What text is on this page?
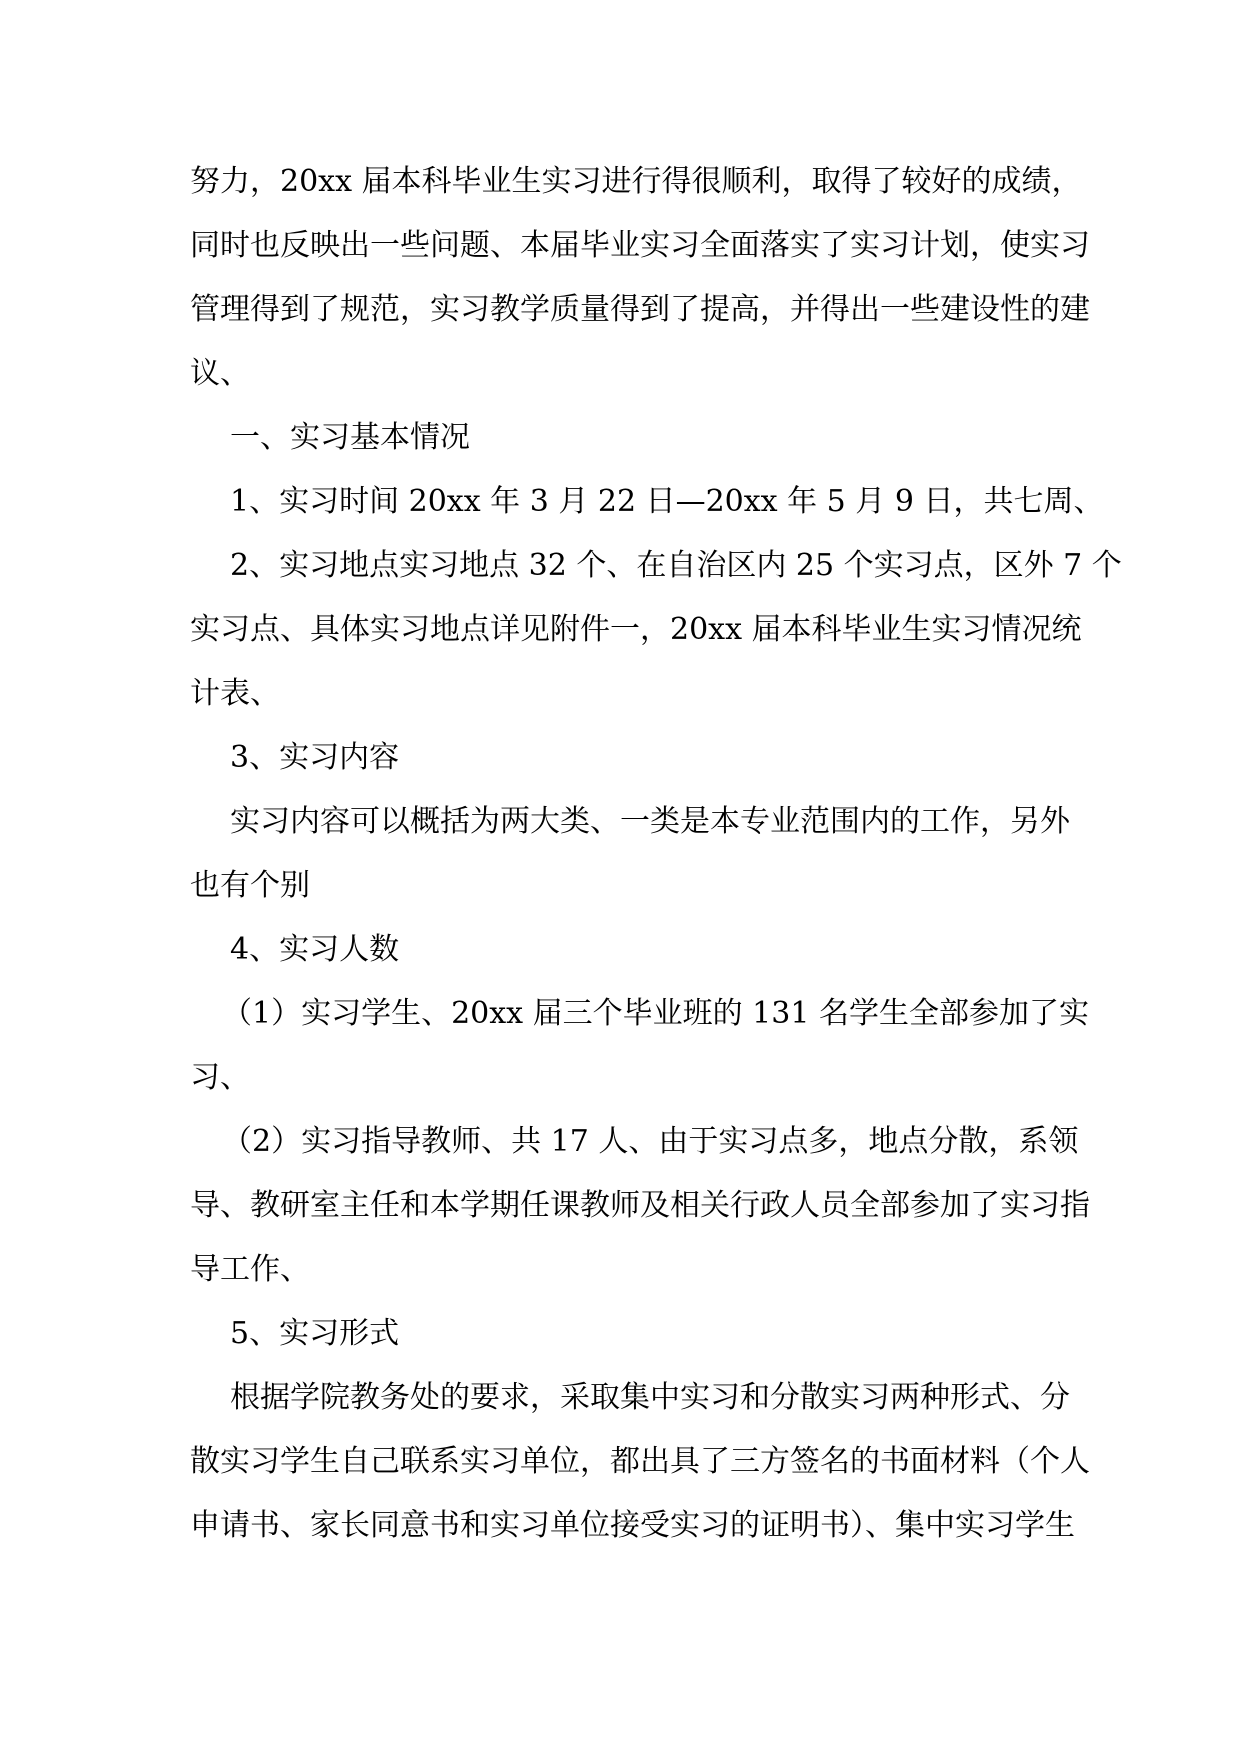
努力，20xx 届本科毕业生实习进行得很顺利，取得了较好的成绩，
同时也反映出一些问题、本届毕业实习全面落实了实习计划，使实习
管理得到了规范，实习教学质量得到了提高，并得出一些建设性的建
议、
一、实习基本情况
1、实习时间 20xx 年 3 月 22 日—20xx 年 5 月 9 日，共七周、
2、实习地点实习地点 32 个、在自治区内 25 个实习点，区外 7 个
实习点、具体实习地点详见附件一，20xx 届本科毕业生实习情况统
计表、
3、实习内容
实习内容可以概括为两大类、一类是本专业范围内的工作，另外
也有个别
4、实习人数
（1）实习学生、20xx 届三个毕业班的 131 名学生全部参加了实
习、
（2）实习指导教师、共 17 人、由于实习点多，地点分散，系领
导、教研室主任和本学期任课教师及相关行政人员全部参加了实习指
导工作、
5、实习形式
根据学院教务处的要求，采取集中实习和分散实习两种形式、分
散实习学生自己联系实习单位，都出具了三方签名的书面材料（个人
申请书、家长同意书和实习单位接受实习的证明书）、集中实习学生
